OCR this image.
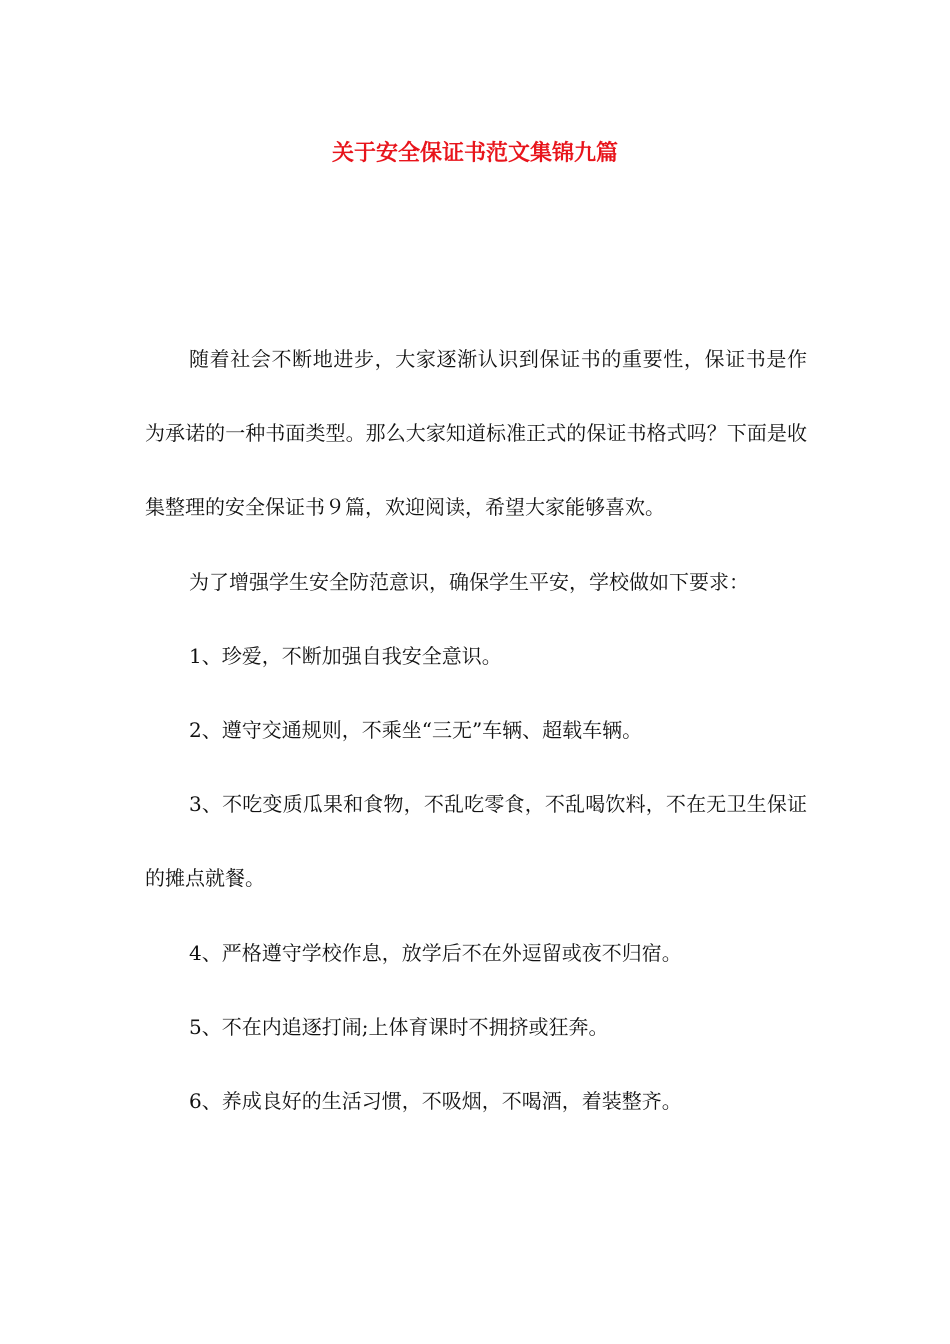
关于安全保证书范文集锦九篇

随着社会不断地进步，大家逐渐认识到保证书的重要性，保证书是作为承诺的一种书面类型。那么大家知道标准正式的保证书格式吗？下面是收集整理的安全保证书９篇，欢迎阅读，希望大家能够喜欢。

为了增强学生安全防范意识，确保学生平安，学校做如下要求：

1、珍爱，不断加强自我安全意识。

2、遵守交通规则，不乘坐“三无”车辆、超载车辆。

3、不吃变质瓜果和食物，不乱吃零食，不乱喝饮料，不在无卫生保证的摊点就餐。

4、严格遵守学校作息，放学后不在外逗留或夜不归宿。

5、不在内追逐打闹;上体育课时不拥挤或狂奔。

6、养成良好的生活习惯，不吸烟，不喝酒，着装整齐。
